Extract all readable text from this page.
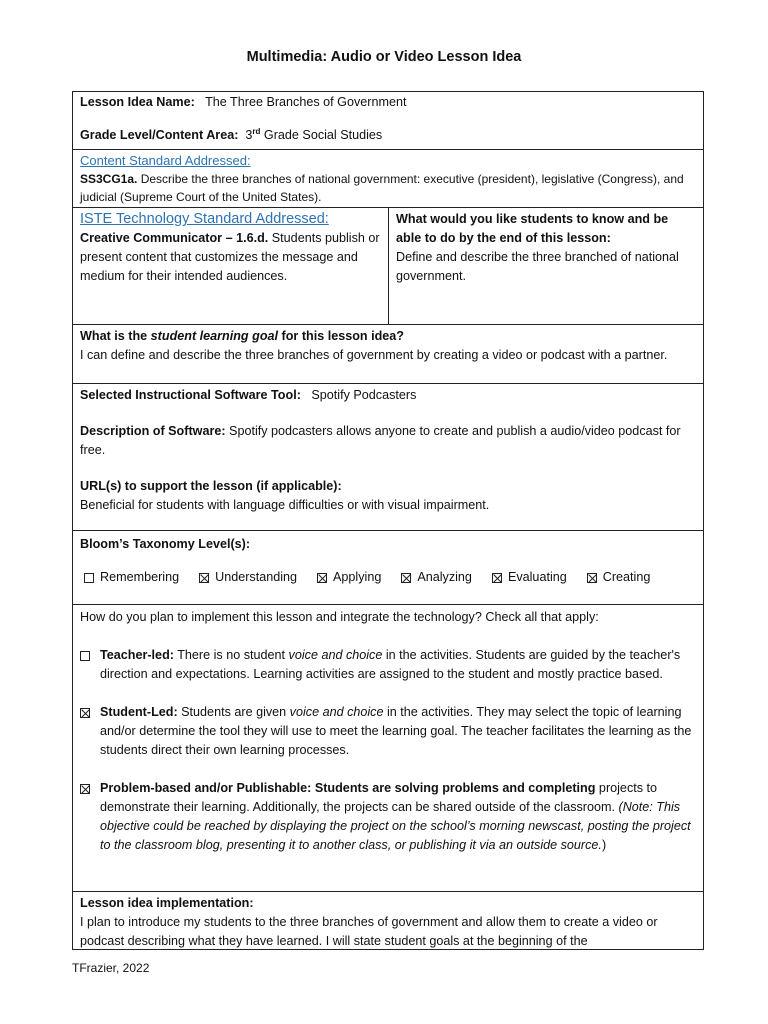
Multimedia: Audio or Video Lesson Idea
Lesson Idea Name: The Three Branches of Government
Grade Level/Content Area: 3rd Grade Social Studies
Content Standard Addressed:
SS3CG1a. Describe the three branches of national government: executive (president), legislative (Congress), and judicial (Supreme Court of the United States).
ISTE Technology Standard Addressed:
Creative Communicator – 1.6.d. Students publish or present content that customizes the message and medium for their intended audiences.
What would you like students to know and be able to do by the end of this lesson:
Define and describe the three branched of national government.
What is the student learning goal for this lesson idea?
I can define and describe the three branches of government by creating a video or podcast with a partner.
Selected Instructional Software Tool: Spotify Podcasters
Description of Software: Spotify podcasters allows anyone to create and publish a audio/video podcast for free.
URL(s) to support the lesson (if applicable):
Beneficial for students with language difficulties or with visual impairment.
Bloom’s Taxonomy Level(s):
Remembering	Understanding	Applying	Analyzing	Evaluating	Creating
How do you plan to implement this lesson and integrate the technology? Check all that apply:
Teacher-led: There is no student voice and choice in the activities. Students are guided by the teacher's direction and expectations. Learning activities are assigned to the student and mostly practice based.
Student-Led: Students are given voice and choice in the activities. They may select the topic of learning and/or determine the tool they will use to meet the learning goal. The teacher facilitates the learning as the students direct their own learning processes.
Problem-based and/or Publishable: Students are solving problems and completing projects to demonstrate their learning. Additionally, the projects can be shared outside of the classroom. (Note: This objective could be reached by displaying the project on the school’s morning newscast, posting the project to the classroom blog, presenting it to another class, or publishing it via an outside source.)
Lesson idea implementation:
I plan to introduce my students to the three branches of government and allow them to create a video or podcast describing what they have learned. I will state student goals at the beginning of the
TFrazier, 2022
